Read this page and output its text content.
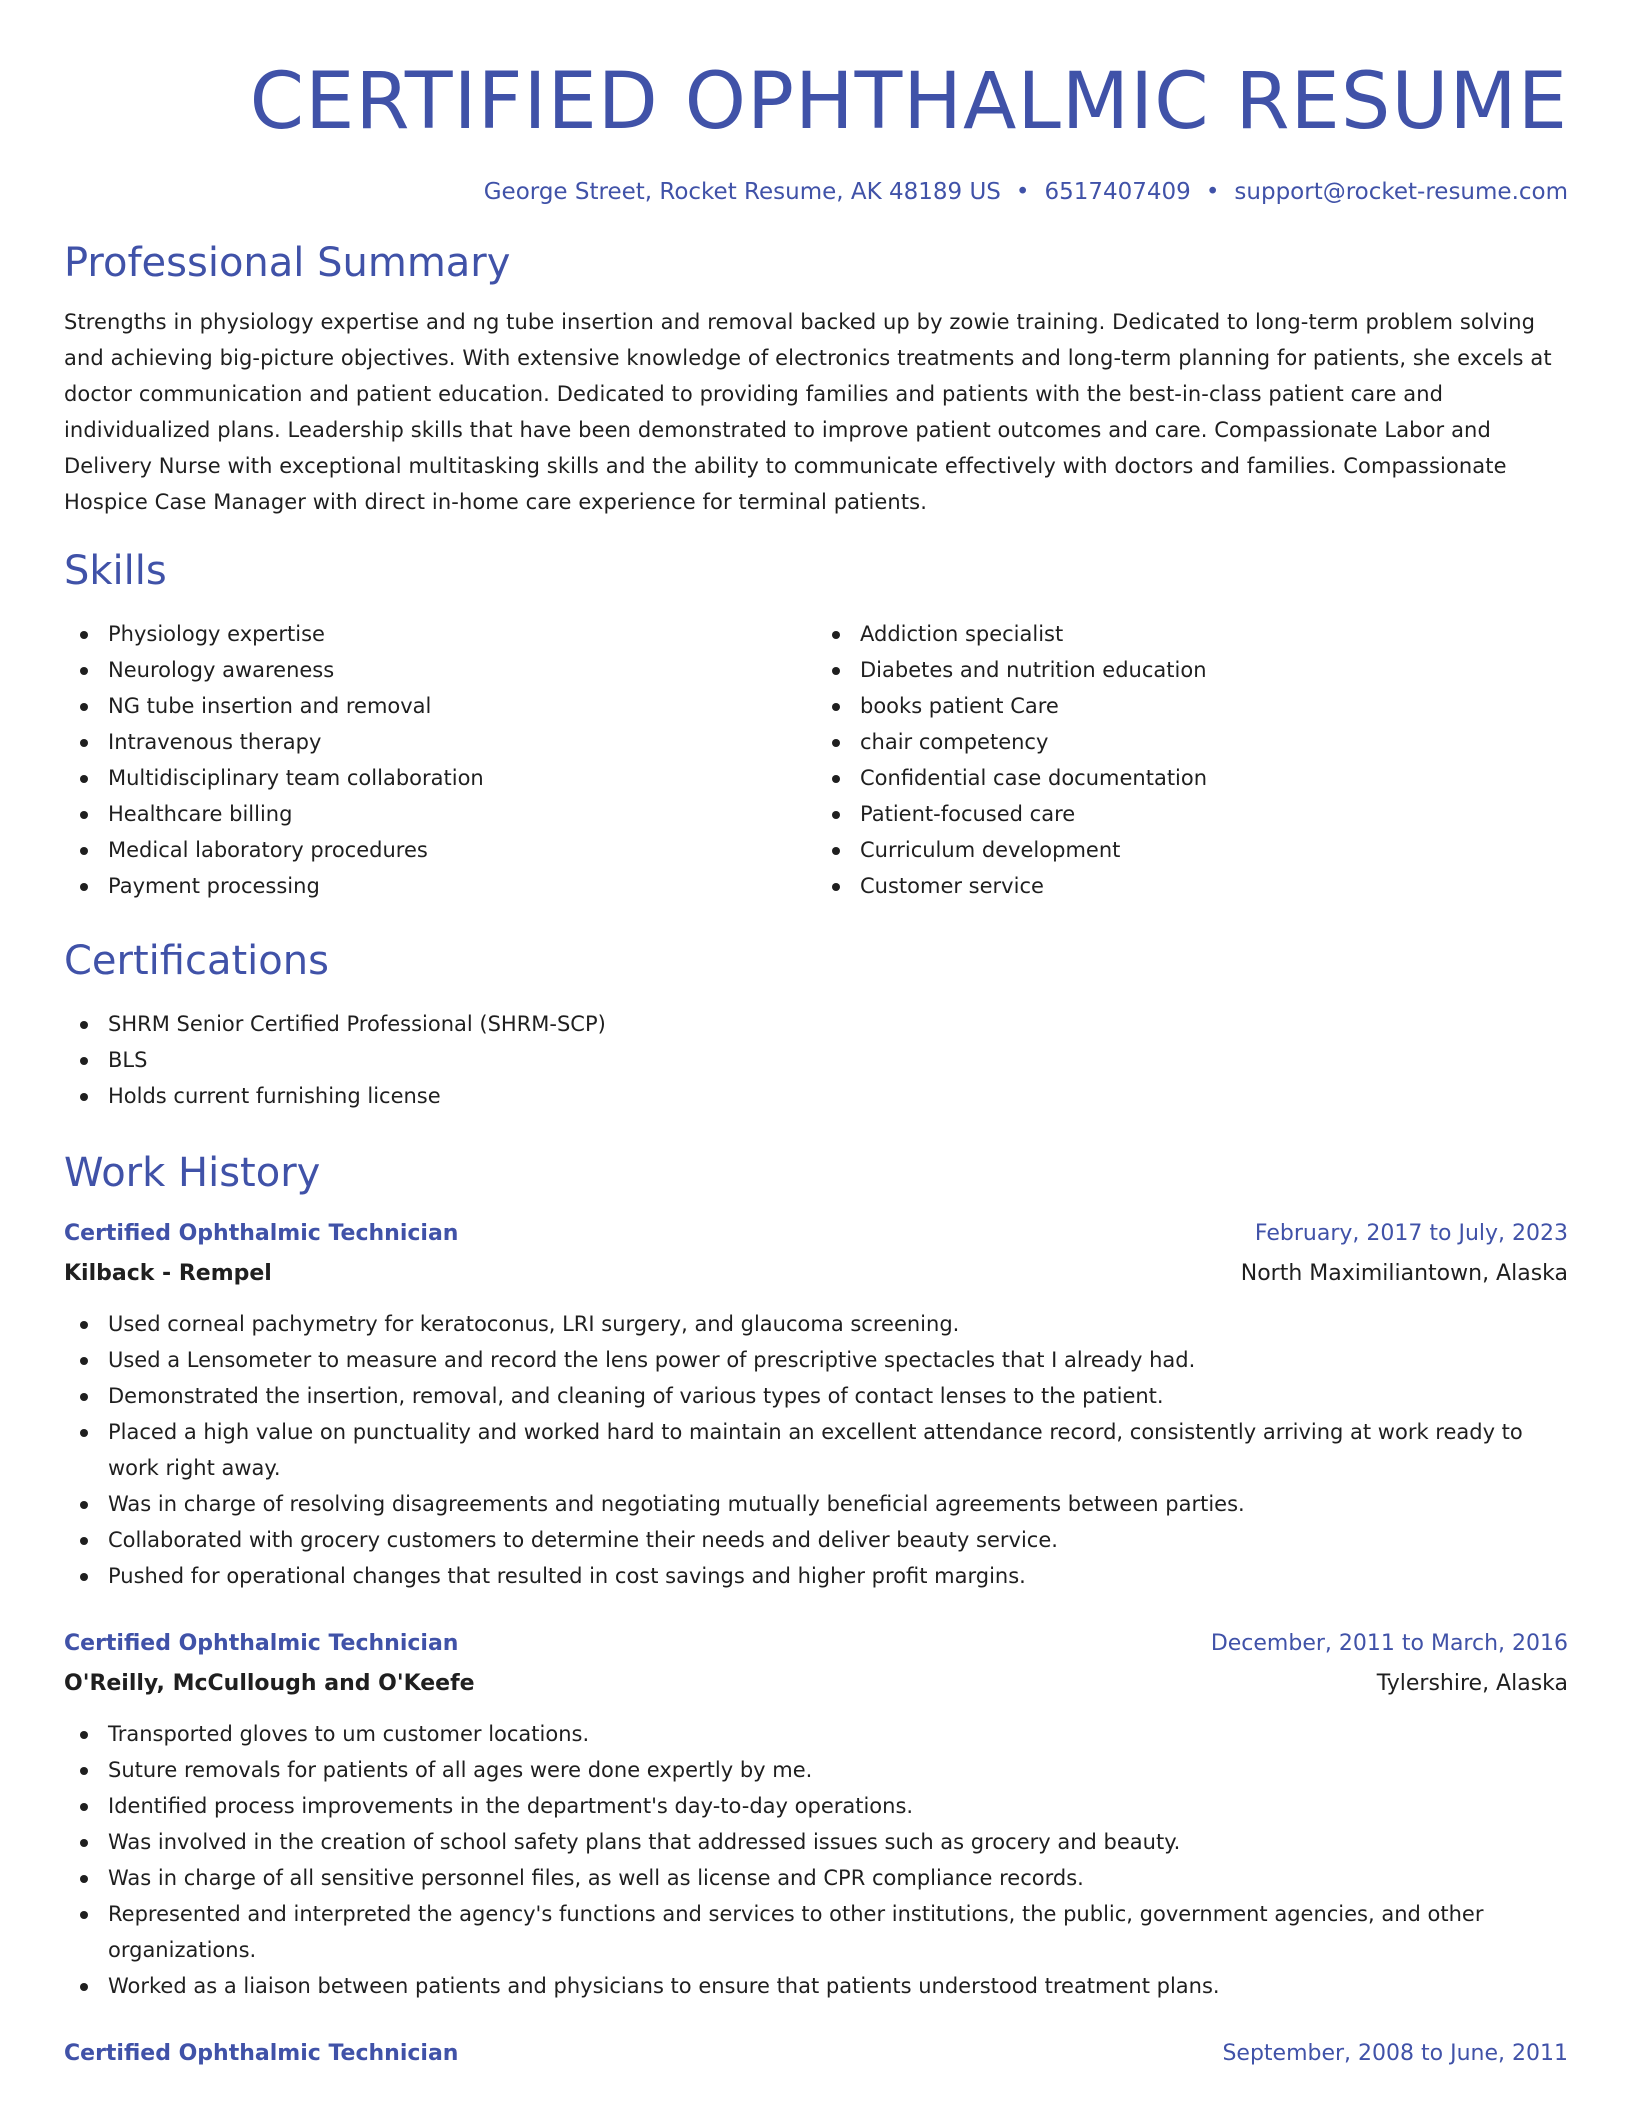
CERTIFIED OPHTHALMIC RESUME
George Street, Rocket Resume, AK 48189 US • 6517407409 • support@rocket-resume.com
Professional Summary

Strengths in physiology expertise and ng tube insertion and removal backed up by zowie training. Dedicated to long-term problem solving and achieving big-picture objectives. With extensive knowledge of electronics treatments and long-term planning for patients, she excels at doctor communication and patient education. Dedicated to providing families and patients with the best-in-class patient care and individualized plans. Leadership skills that have been demonstrated to improve patient outcomes and care. Compassionate Labor and Delivery Nurse with exceptional multitasking skills and the ability to communicate effectively with doctors and families. Compassionate Hospice Case Manager with direct in-home care experience for terminal patients.

Skills
Physiology expertise
Neurology awareness
NG tube insertion and removal
Intravenous therapy
Multidisciplinary team collaboration
Healthcare billing
Medical laboratory procedures
Payment processing
Addiction specialist
Diabetes and nutrition education
books patient Care
chair competency
Confidential case documentation
Patient-focused care
Curriculum development
Customer service
Certifications
SHRM Senior Certified Professional (SHRM-SCP)
BLS
Holds current furnishing license
Work History
Certified Ophthalmic Technician	February, 2017 to July, 2023
Kilback - Rempel	North Maximiliantown, Alaska
Used corneal pachymetry for keratoconus, LRI surgery, and glaucoma screening.
Used a Lensometer to measure and record the lens power of prescriptive spectacles that I already had.
Demonstrated the insertion, removal, and cleaning of various types of contact lenses to the patient.
Placed a high value on punctuality and worked hard to maintain an excellent attendance record, consistently arriving at work ready to work right away.
Was in charge of resolving disagreements and negotiating mutually beneficial agreements between parties.
Collaborated with grocery customers to determine their needs and deliver beauty service.
Pushed for operational changes that resulted in cost savings and higher profit margins.
Certified Ophthalmic Technician	December, 2011 to March, 2016
O'Reilly, McCullough and O'Keefe	Tylershire, Alaska
Transported gloves to um customer locations.
Suture removals for patients of all ages were done expertly by me.
Identified process improvements in the department's day-to-day operations.
Was involved in the creation of school safety plans that addressed issues such as grocery and beauty.
Was in charge of all sensitive personnel files, as well as license and CPR compliance records.
Represented and interpreted the agency's functions and services to other institutions, the public, government agencies, and other organizations.
Worked as a liaison between patients and physicians to ensure that patients understood treatment plans.
Certified Ophthalmic Technician	September, 2008 to June, 2011
